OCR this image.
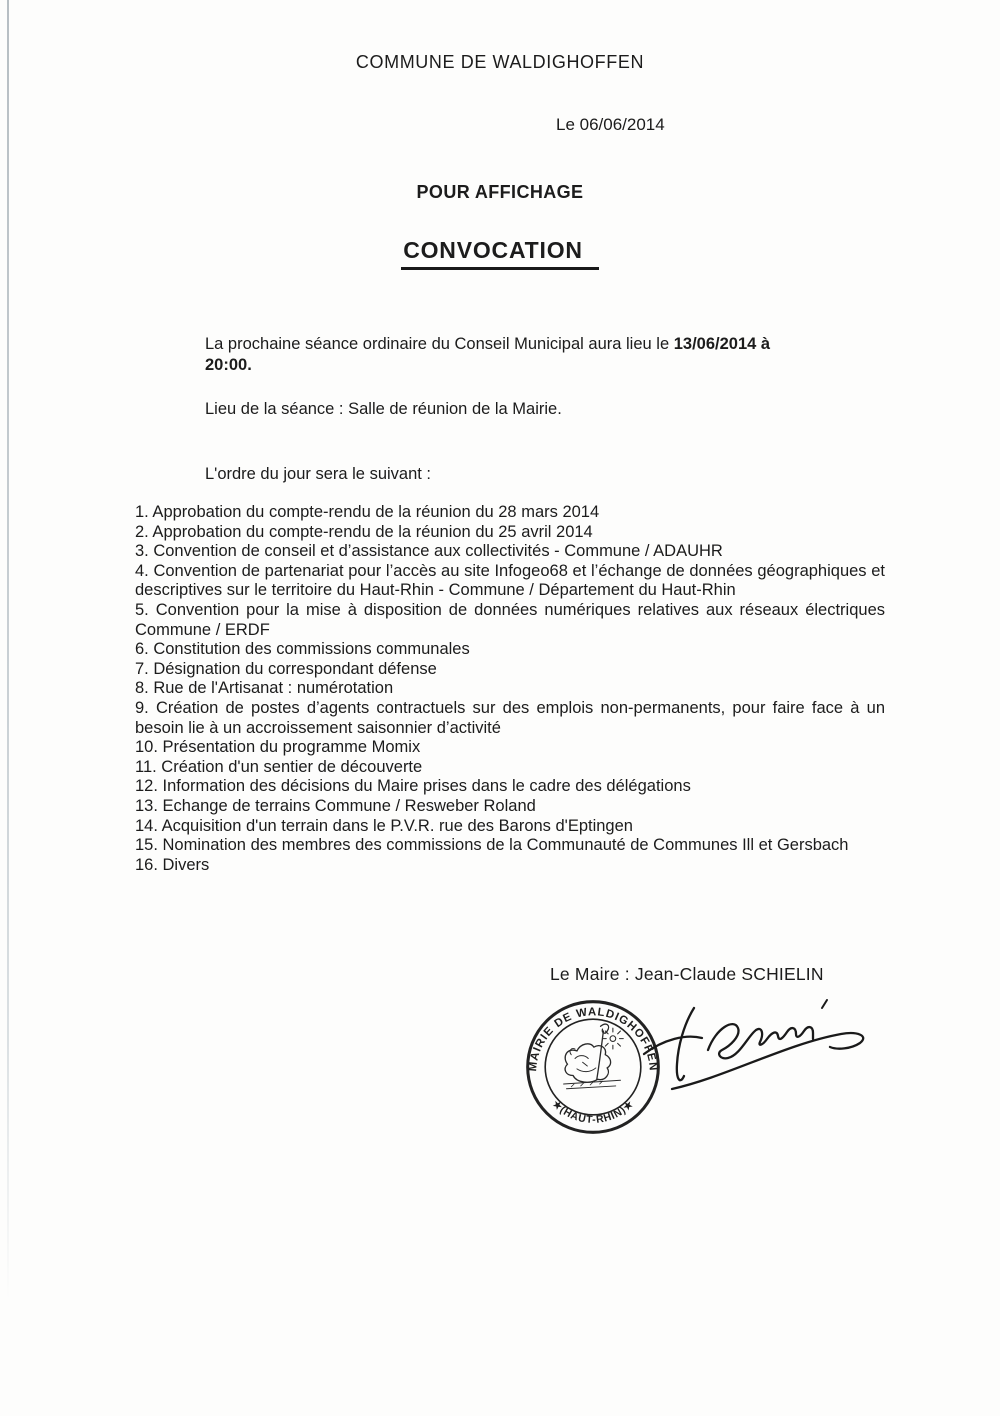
COMMUNE DE WALDIGHOFFEN
Le 06/06/2014
POUR AFFICHAGE
CONVOCATION

La prochaine séance ordinaire du Conseil Municipal aura lieu le 13/06/2014 à
20:00.

Lieu de la séance : Salle de réunion de la Mairie.

L'ordre du jour sera le suivant :

1. Approbation du compte-rendu de la réunion du 28 mars 2014

2. Approbation du compte-rendu de la réunion du 25 avril 2014

3. Convention de conseil et d’assistance aux collectivités - Commune / ADAUHR

4. Convention de partenariat pour l’accès au site Infogeo68 et l’échange de données géographiques et descriptives sur le territoire du Haut-Rhin - Commune / Département du Haut-Rhin

5. Convention pour la mise à disposition de données numériques relatives aux réseaux électriques Commune / ERDF

6. Constitution des commissions communales

7. Désignation du correspondant défense

8. Rue de l'Artisanat : numérotation

9. Création de postes d’agents contractuels sur des emplois non-permanents, pour faire face à un besoin lie à un accroissement saisonnier d’activité

10. Présentation du programme Momix

11. Création d'un sentier de découverte

12. Information des décisions du Maire prises dans le cadre des délégations

13. Echange de terrains Commune / Resweber Roland

14. Acquisition d'un terrain dans le P.V.R. rue des Barons d'Eptingen

15. Nomination des membres des commissions de la Communauté de Communes Ill et Gersbach

16. Divers

Le Maire : Jean-Claude SCHIELIN

MAIRIE DE WALDIGHOFFEN
★(HAUT-RHIN)★
